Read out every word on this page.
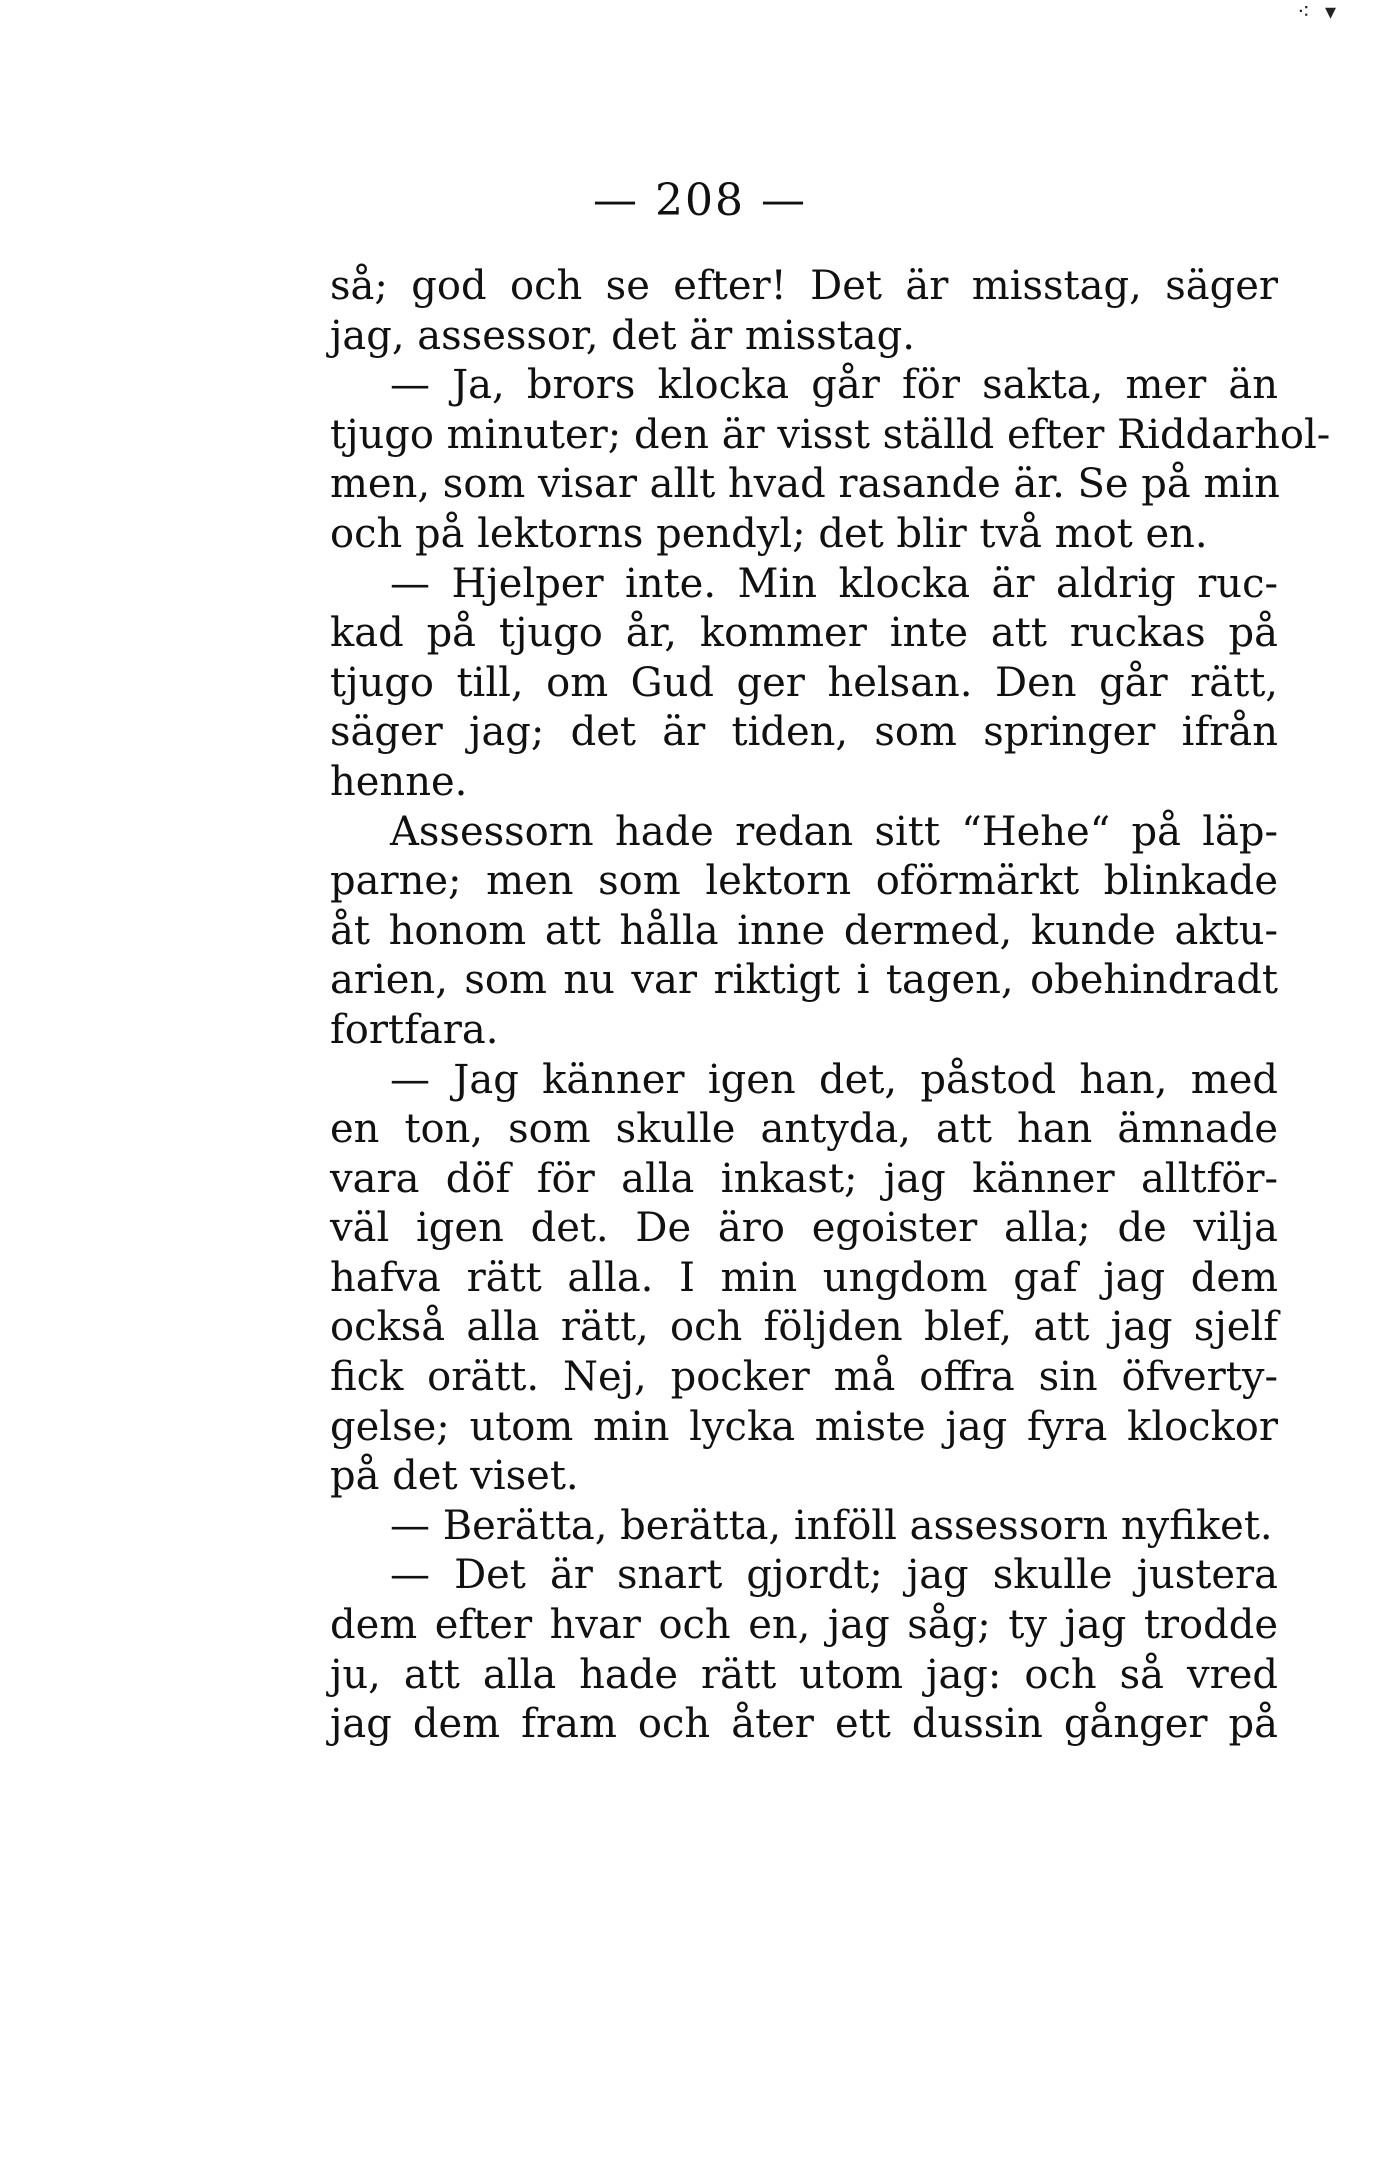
⁖ ▾
— 208 —
så; god och se efter! Det är misstag, säger
jag, assessor, det är misstag.
— Ja, brors klocka går för sakta, mer än
tjugo minuter; den är visst ställd efter Riddarhol-
men, som visar allt hvad rasande är. Se på min
och på lektorns pendyl; det blir två mot en.
— Hjelper inte. Min klocka är aldrig ruc-
kad på tjugo år, kommer inte att ruckas på
tjugo till, om Gud ger helsan. Den går rätt,
säger jag; det är tiden, som springer ifrån
henne.
Assessorn hade redan sitt “Hehe“ på läp-
parne; men som lektorn oförmärkt blinkade
åt honom att hålla inne dermed, kunde aktu-
arien, som nu var riktigt i tagen, obehindradt
fortfara.
— Jag känner igen det, påstod han, med
en ton, som skulle antyda, att han ämnade
vara döf för alla inkast; jag känner alltför-
väl igen det. De äro egoister alla; de vilja
hafva rätt alla. I min ungdom gaf jag dem
också alla rätt, och följden blef, att jag sjelf
fick orätt. Nej, pocker må offra sin öfverty-
gelse; utom min lycka miste jag fyra klockor
på det viset.
— Berätta, berätta, inföll assessorn nyfiket.
— Det är snart gjordt; jag skulle justera
dem efter hvar och en, jag såg; ty jag trodde
ju, att alla hade rätt utom jag: och så vred
jag dem fram och åter ett dussin gånger på
